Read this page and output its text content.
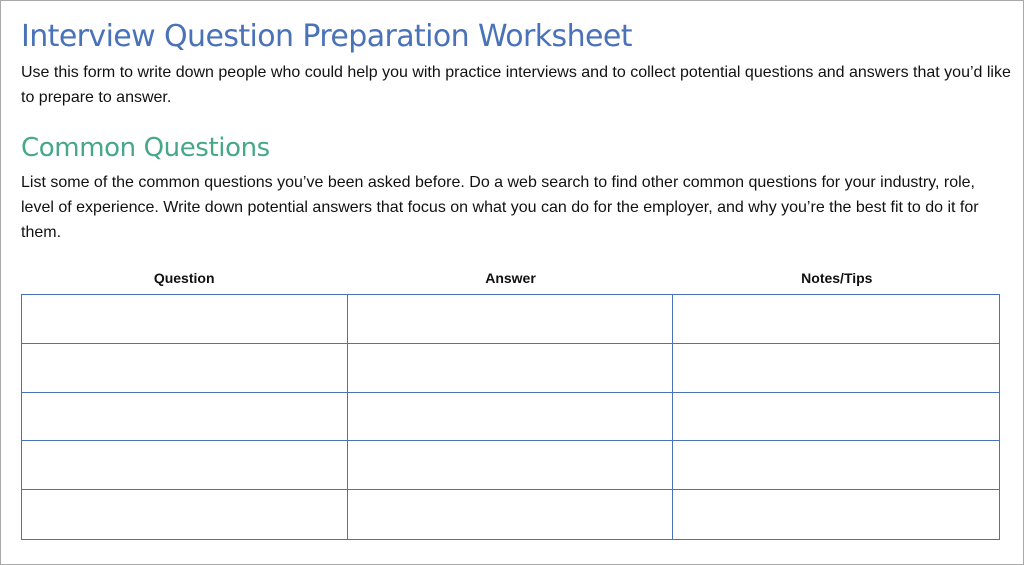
Interview Question Preparation Worksheet

Use this form to write down people who could help you with practice interviews and to collect potential questions and answers that you’d like to prepare to answer.

Common Questions

List some of the common questions you’ve been asked before. Do a web search to find other common questions for your industry, role, level of experience. Write down potential answers that focus on what you can do for the employer, and why you’re the best fit to do it for them.

Question	Answer	Notes/Tips
